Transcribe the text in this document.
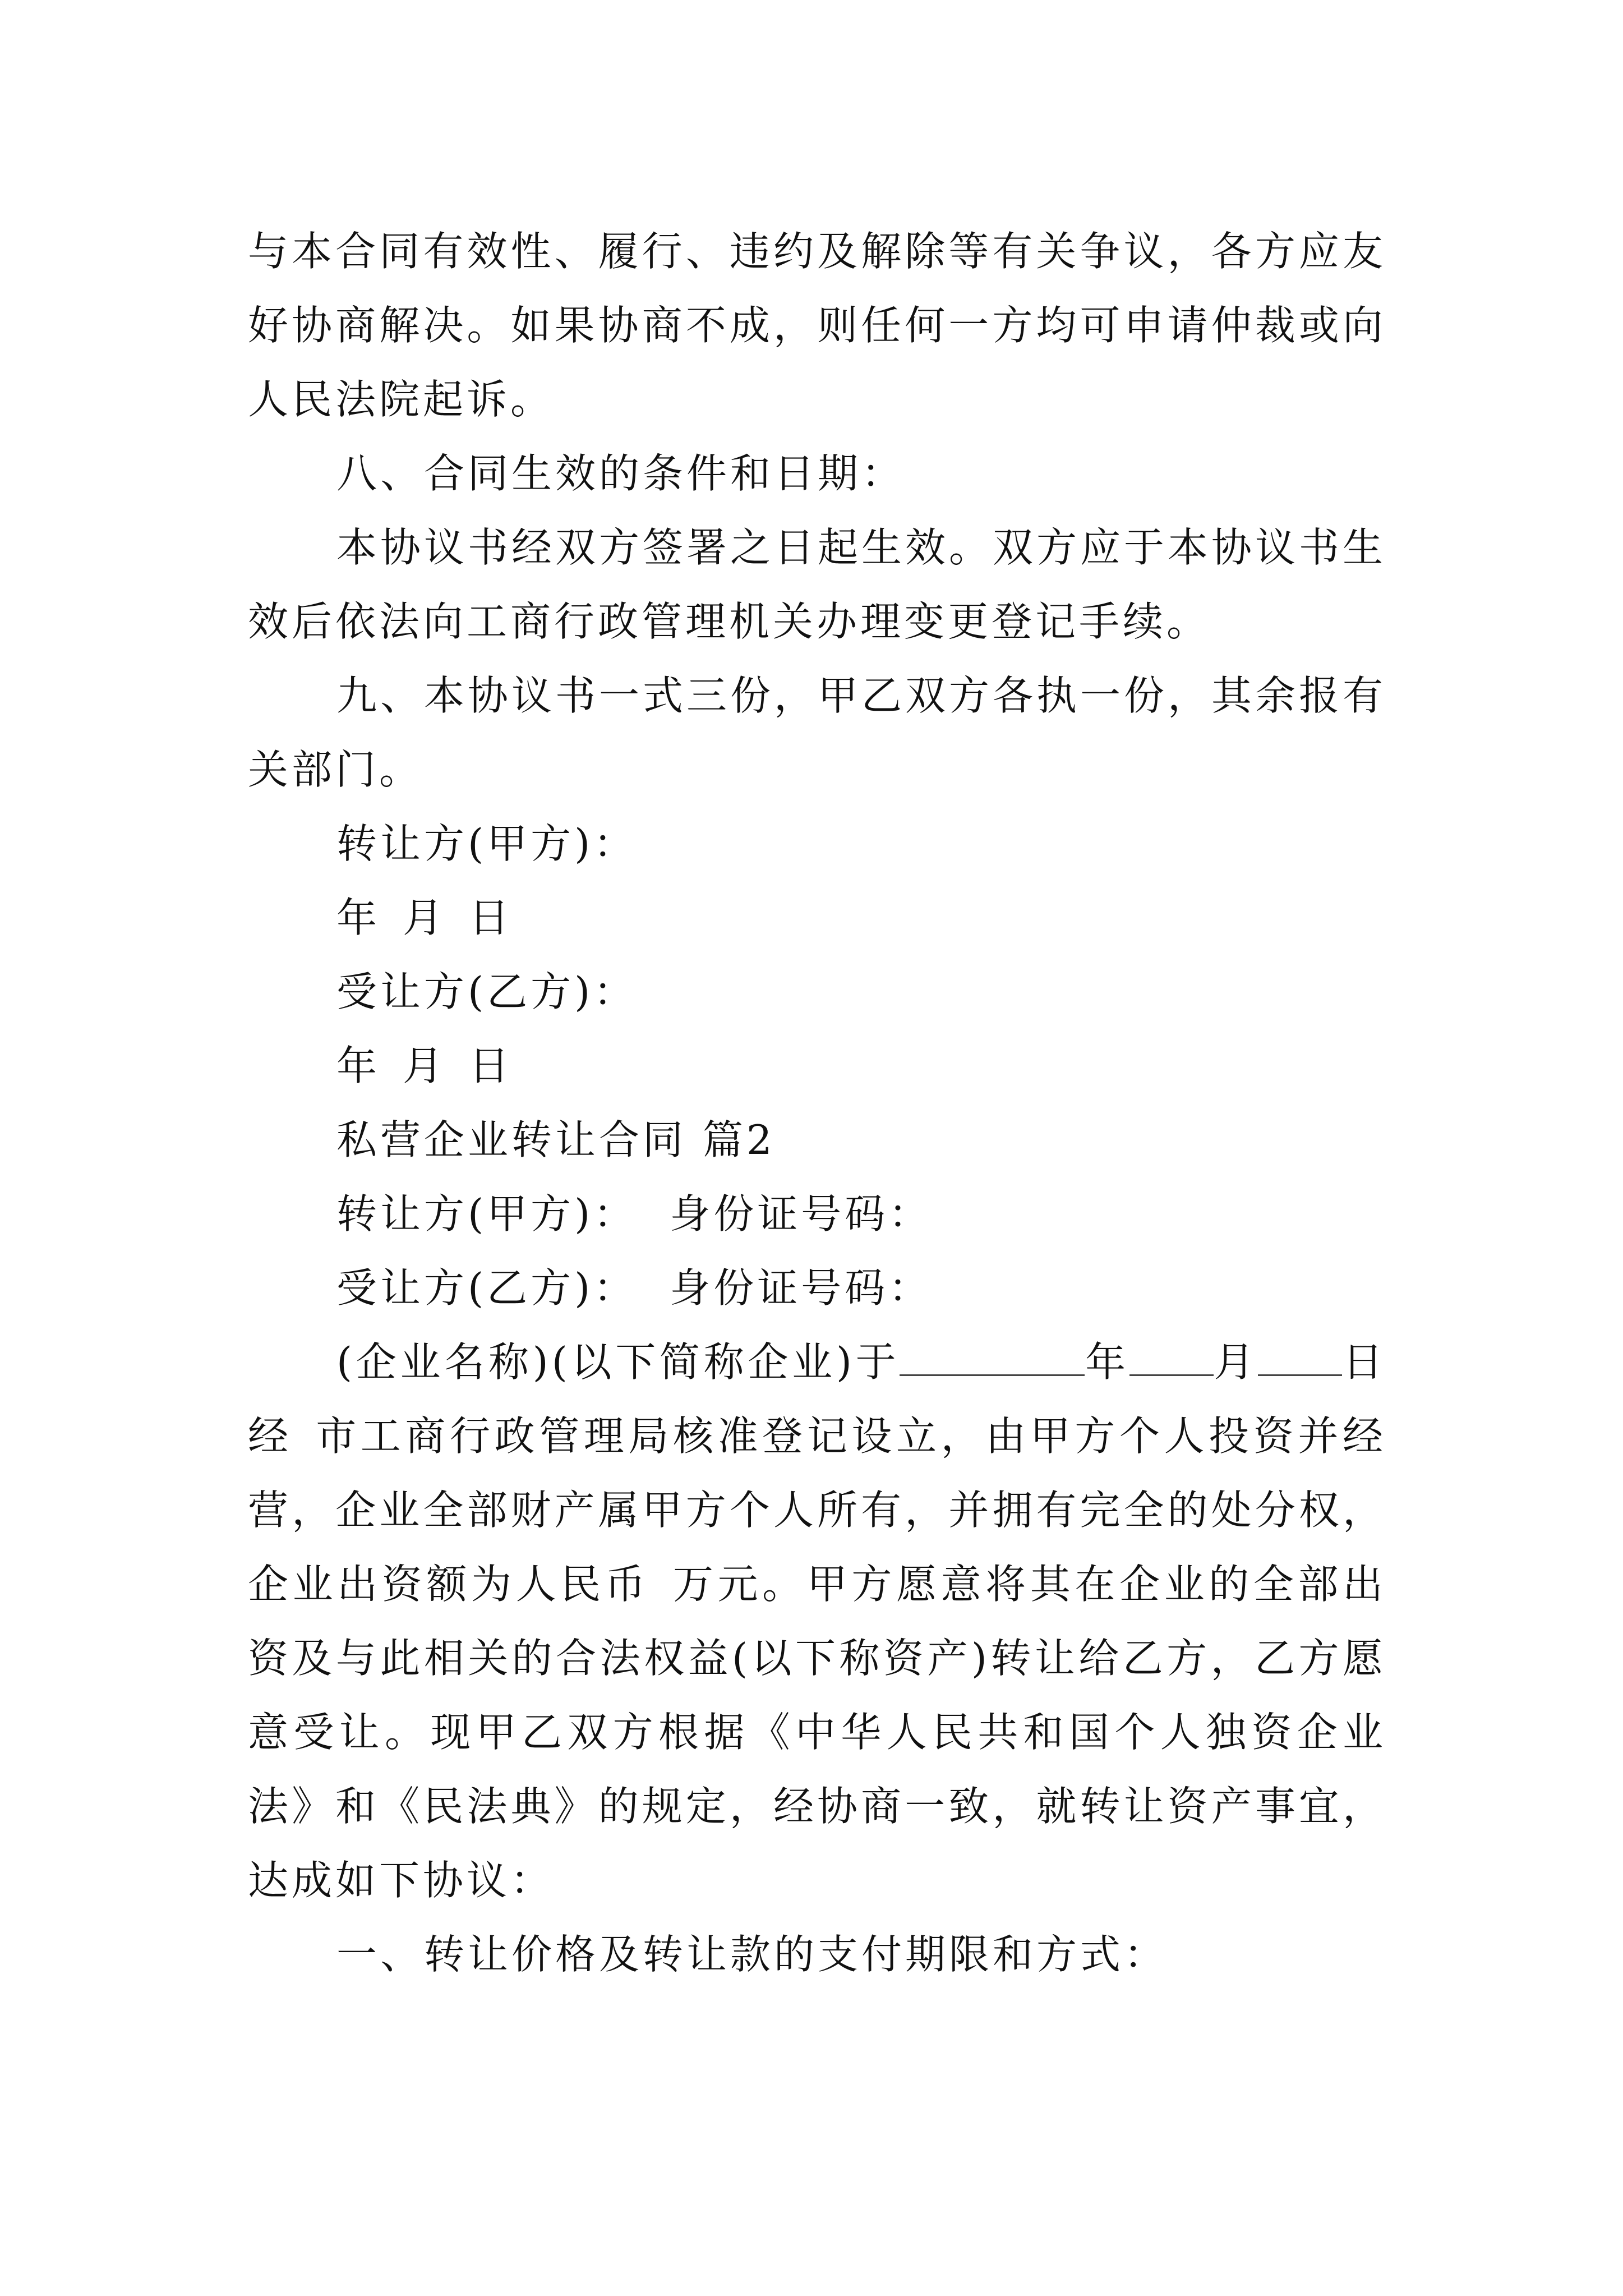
与本合同有效性、履行、违约及解除等有关争议，各方应友好协商解决。如果协商不成，则任何一方均可申请仲裁或向人民法院起诉。

八、合同生效的条件和日期：

本协议书经双方签署之日起生效。双方应于本协议书生效后依法向工商行政管理机关办理变更登记手续。

九、本协议书一式三份，甲乙双方各执一份，其余报有关部门。

转让方(甲方)：

年 月 日

受让方(乙方)：

年 月 日

私营企业转让合同 篇2

转让方(甲方)： 身份证号码：

受让方(乙方)： 身份证号码：

(企业名称)(以下简称企业)于	年 月 日经 市工商行政管理局核准登记设立，由甲方个人投资并经营，企业全部财产属甲方个人所有，并拥有完全的处分权，企业出资额为人民币 万元。甲方愿意将其在企业的全部出资及与此相关的合法权益(以下称资产)转让给乙方，乙方愿意受让。现甲乙双方根据《中华人民共和国个人独资企业法》和《民法典》的规定，经协商一致，就转让资产事宜，达成如下协议：

一、转让价格及转让款的支付期限和方式：
